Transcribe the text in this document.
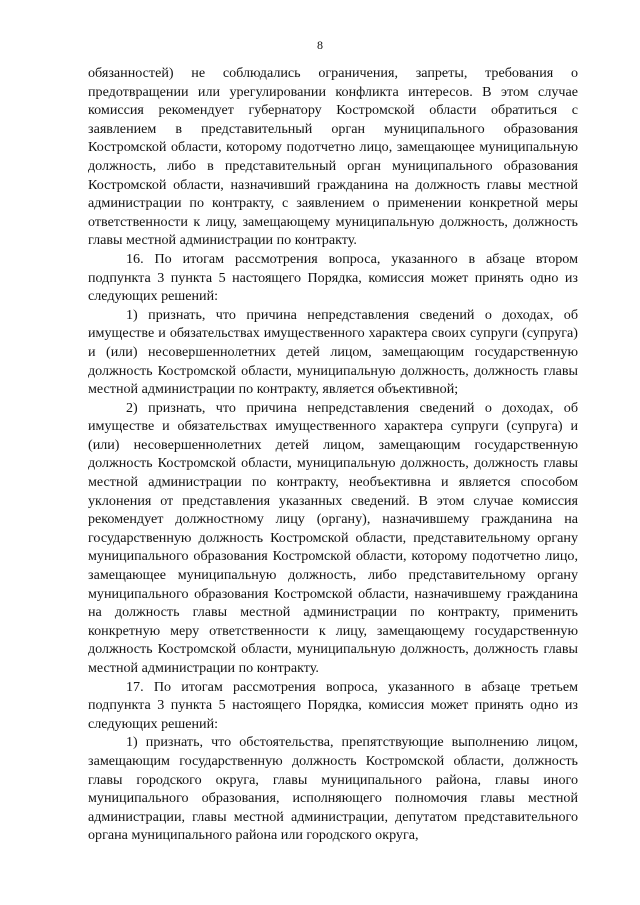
8

обязанностей) не соблюдались ограничения, запреты, требования о предотвращении или урегулировании конфликта интересов. В этом случае комиссия рекомендует губернатору Костромской области обратиться с заявлением в представительный орган муниципального образования Костромской области, которому подотчетно лицо, замещающее муниципальную должность, либо в представительный орган муниципального образования Костромской области, назначивший гражданина на должность главы местной администрации по контракту, с заявлением о применении конкретной меры ответственности к лицу, замещающему муниципальную должность, должность главы местной администрации по контракту.

16. По итогам рассмотрения вопроса, указанного в абзаце втором подпункта 3 пункта 5 настоящего Порядка, комиссия может принять одно из следующих решений:

1) признать, что причина непредставления сведений о доходах, об имуществе и обязательствах имущественного характера своих супруги (супруга) и (или) несовершеннолетних детей лицом, замещающим государственную должность Костромской области, муниципальную должность, должность главы местной администрации по контракту, является объективной;

2) признать, что причина непредставления сведений о доходах, об имуществе и обязательствах имущественного характера супруги (супруга) и (или) несовершеннолетних детей лицом, замещающим государственную должность Костромской области, муниципальную должность, должность главы местной администрации по контракту, необъективна и является способом уклонения от представления указанных сведений. В этом случае комиссия рекомендует должностному лицу (органу), назначившему гражданина на государственную должность Костромской области, представительному органу муниципального образования Костромской области, которому подотчетно лицо, замещающее муниципальную должность, либо представительному органу муниципального образования Костромской области, назначившему гражданина на должность главы местной администрации по контракту, применить конкретную меру ответственности к лицу, замещающему государственную должность Костромской области, муниципальную должность, должность главы местной администрации по контракту.

17. По итогам рассмотрения вопроса, указанного в абзаце третьем подпункта 3 пункта 5 настоящего Порядка, комиссия может принять одно из следующих решений:

1) признать, что обстоятельства, препятствующие выполнению лицом, замещающим государственную должность Костромской области, должность главы городского округа, главы муниципального района, главы иного муниципального образования, исполняющего полномочия главы местной администрации, главы местной администрации, депутатом представительного органа муниципального района или городского округа,
